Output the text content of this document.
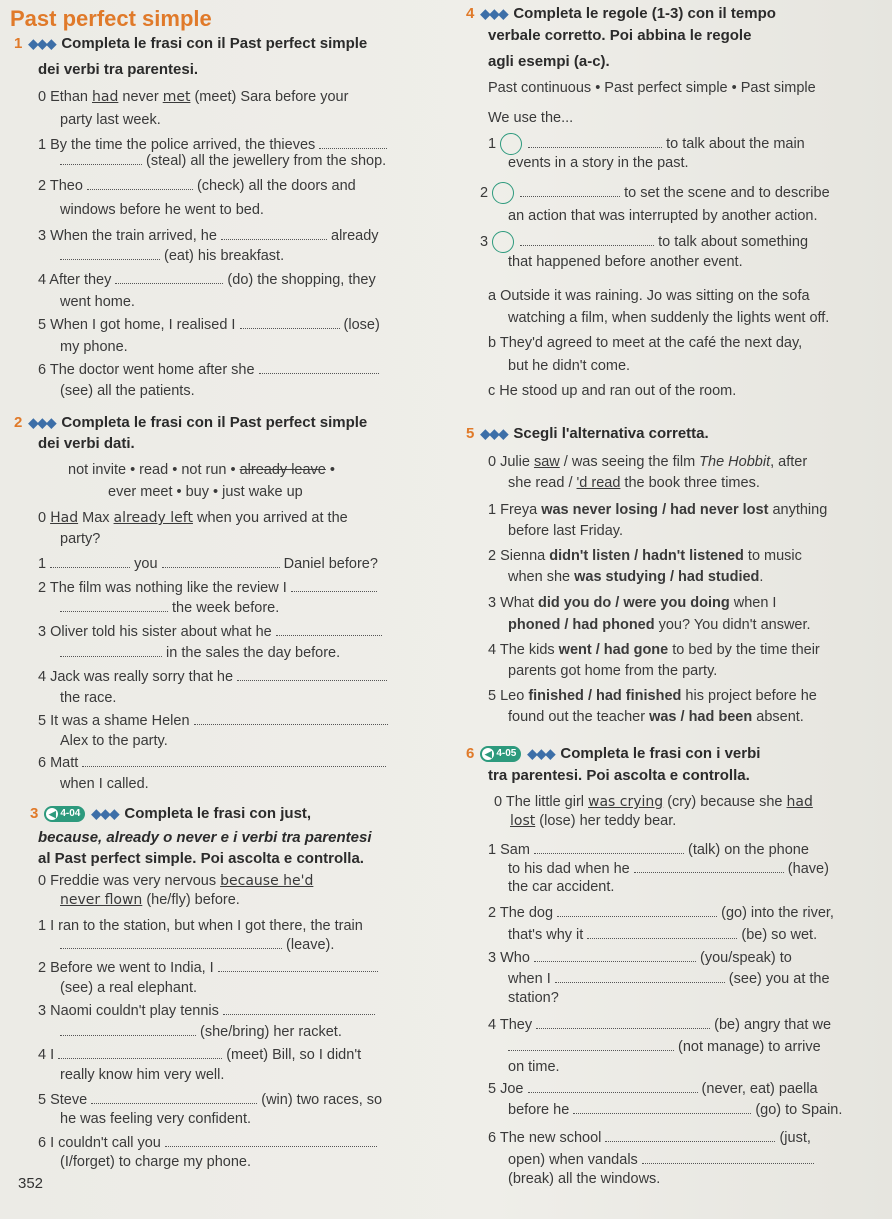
Past perfect simple
1 ◆◆◆ Completa le frasi con il Past perfect simple
dei verbi tra parentesi.
0 Ethan had never met (meet) Sara before your
party last week.
1 By the time the police arrived, the thieves
(steal) all the jewellery from the shop.
2 Theo	(check) all the doors and
windows before he went to bed.
3 When the train arrived, he	already
(eat) his breakfast.
4 After they	(do) the shopping, they
went home.
5 When I got home, I realised I	(lose)
my phone.
6 The doctor went home after she
(see) all the patients.
2 ◆◆◆ Completa le frasi con il Past perfect simple
dei verbi dati.
not invite • read • not run • already leave •
ever meet • buy • just wake up
0 Had Max already left when you arrived at the
party?
1	you	Daniel before?
2 The film was nothing like the review I
the week before.
3 Oliver told his sister about what he
in the sales the day before.
4 Jack was really sorry that he
the race.
5 It was a shame Helen
Alex to the party.
6 Matt
when I called.
3 ◀ 4-04 ◆◆◆ Completa le frasi con just,
because, already o never e i verbi tra parentesi
al Past perfect simple. Poi ascolta e controlla.
0 Freddie was very nervous because he'd
never flown (he/fly) before.
1 I ran to the station, but when I got there, the train
(leave).
2 Before we went to India, I
(see) a real elephant.
3 Naomi couldn't play tennis
(she/bring) her racket.
4 I	(meet) Bill, so I didn't
really know him very well.
5 Steve	(win) two races, so
he was feeling very confident.
6 I couldn't call you
(I/forget) to charge my phone.
352
4 ◆◆◆ Completa le regole (1-3) con il tempo
verbale corretto. Poi abbina le regole
agli esempi (a-c).
Past continuous • Past perfect simple • Past simple
We use the...
1	to talk about the main
events in a story in the past.
2	to set the scene and to describe
an action that was interrupted by another action.
3	to talk about something
that happened before another event.
a Outside it was raining. Jo was sitting on the sofa
watching a film, when suddenly the lights went off.
b They'd agreed to meet at the café the next day,
but he didn't come.
c He stood up and ran out of the room.
5 ◆◆◆ Scegli l'alternativa corretta.
0 Julie saw / was seeing the film The Hobbit, after
she read / 'd read the book three times.
1 Freya was never losing / had never lost anything
before last Friday.
2 Sienna didn't listen / hadn't listened to music
when she was studying / had studied.
3 What did you do / were you doing when I
phoned / had phoned you? You didn't answer.
4 The kids went / had gone to bed by the time their
parents got home from the party.
5 Leo finished / had finished his project before he
found out the teacher was / had been absent.
6 ◀ 4-05 ◆◆◆ Completa le frasi con i verbi
tra parentesi. Poi ascolta e controlla.
0 The little girl was crying (cry) because she had
lost (lose) her teddy bear.
1 Sam	(talk) on the phone
to his dad when he	(have)
the car accident.
2 The dog	(go) into the river,
that's why it	(be) so wet.
3 Who	(you/speak) to
when I	(see) you at the
station?
4 They	(be) angry that we
(not manage) to arrive
on time.
5 Joe	(never, eat) paella
before he	(go) to Spain.
6 The new school	(just,
open) when vandals
(break) all the windows.
